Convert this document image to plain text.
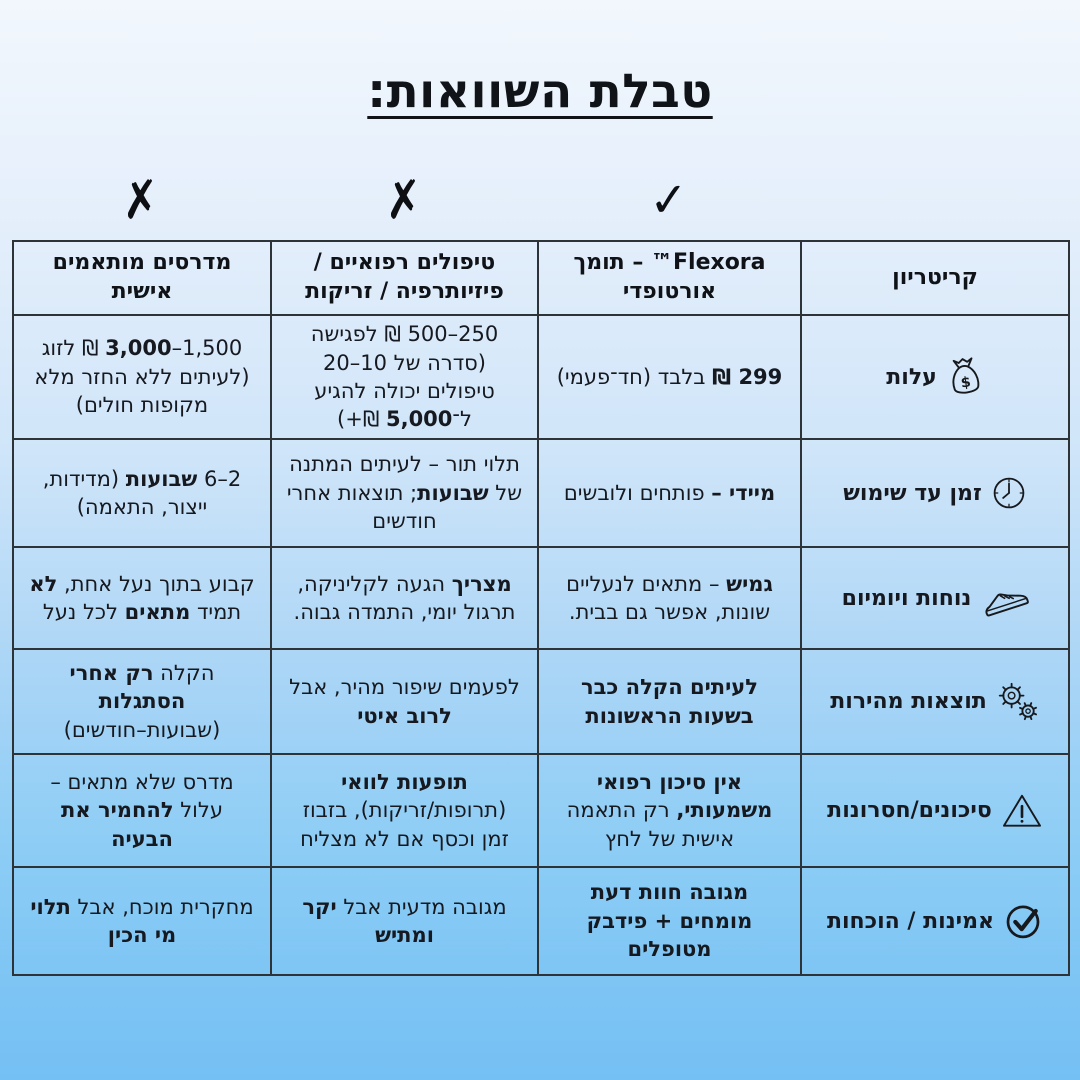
טבלת השוואות:
✓
✗
✗
קריטריון	Flexora™ – תומך אורטופדי	טיפולים רפואיים / פיזיותרפיה / זריקות	מדרסים מותאמים אישית

$
עלות	299 ₪ בלבד (חד־פעמי)	250–500 ₪ לפגישה (סדרה של 10–20 טיפולים יכולה להגיע ל־5,000 ₪+)	1,500–3,000 ₪ לזוג (לעיתים ללא החזר מלא מקופות חולים)

זמן עד שימוש	מיידי – פותחים ולובשים	תלוי תור – לעיתים המתנה של שבועות; תוצאות אחרי חודשים	2–6 שבועות (מדידות, ייצור, התאמה)

נוחות ויומיום	גמיש – מתאים לנעליים שונות, אפשר גם בבית.	מצריך הגעה לקליניקה, תרגול יומי, התמדה גבוה.	קבוע בתוך נעל אחת, לא תמיד מתאים לכל נעל

תוצאות מהירות	לעיתים הקלה כבר בשעות הראשונות	לפעמים שיפור מהיר, אבל לרוב איטי	הקלה רק אחרי הסתגלות (שבועות–חודשים)

סיכונים/חסרונות	אין סיכון רפואי משמעותי, רק התאמה אישית של לחץ	תופעות לוואי (תרופות/זריקות), בזבוז זמן וכסף אם לא מצליח	מדרס שלא מתאים – עלול להחמיר את הבעיה

אמינות / הוכחות	מגובה חוות דעת מומחים + פידבק מטופלים	מגובה מדעית אבל יקר ומתיש	מחקרית מוכח, אבל תלוי מי הכין
